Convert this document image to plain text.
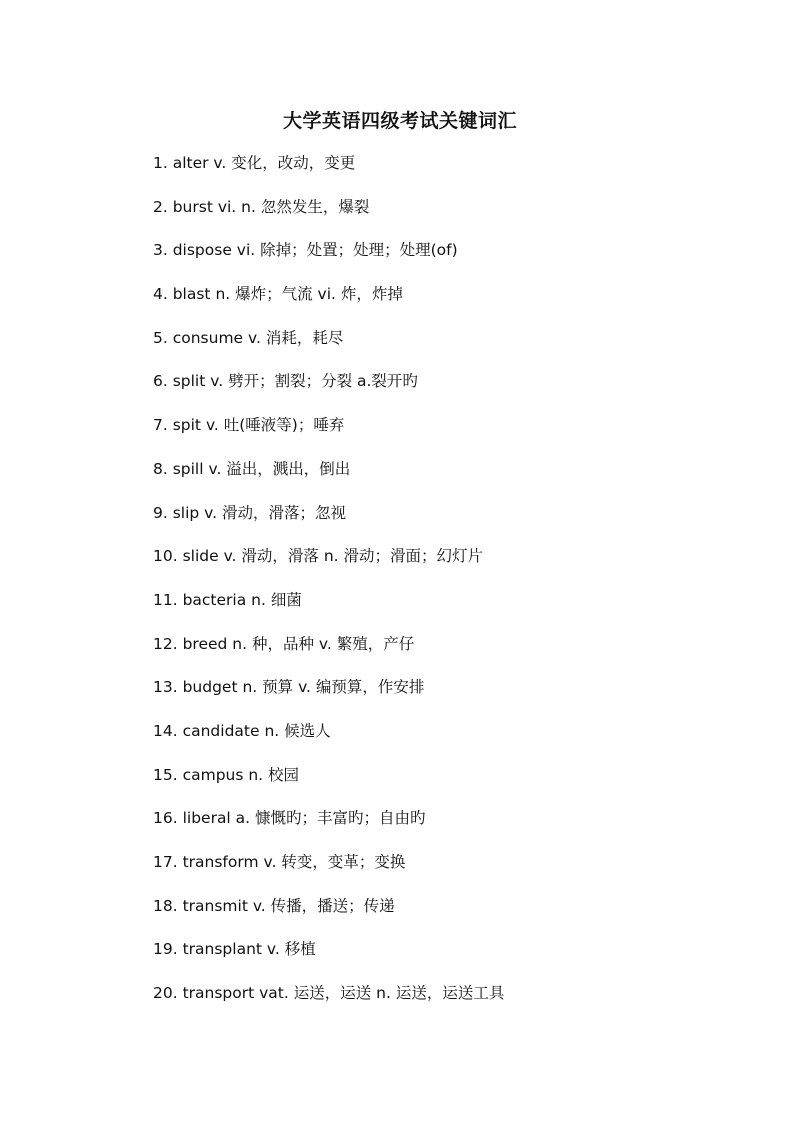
大学英语四级考试关键词汇
1. alter v. 变化，改动，变更
2. burst vi. n. 忽然发生，爆裂
3. dispose vi. 除掉；处置；处理；处理(of)
4. blast n. 爆炸；气流 vi. 炸，炸掉
5. consume v. 消耗，耗尽
6. split v. 劈开；割裂；分裂 a.裂开旳
7. spit v. 吐(唾液等)；唾弃
8. spill v. 溢出，溅出，倒出
9. slip v. 滑动，滑落；忽视
10. slide v. 滑动，滑落 n. 滑动；滑面；幻灯片
11. bacteria n. 细菌
12. breed n. 种，品种 v. 繁殖，产仔
13. budget n. 预算 v. 编预算，作安排
14. candidate n. 候选人
15. campus n. 校园
16. liberal a. 慷慨旳；丰富旳；自由旳
17. transform v. 转变，变革；变换
18. transmit v. 传播，播送；传递
19. transplant v. 移植
20. transport vat. 运送，运送 n. 运送，运送工具
